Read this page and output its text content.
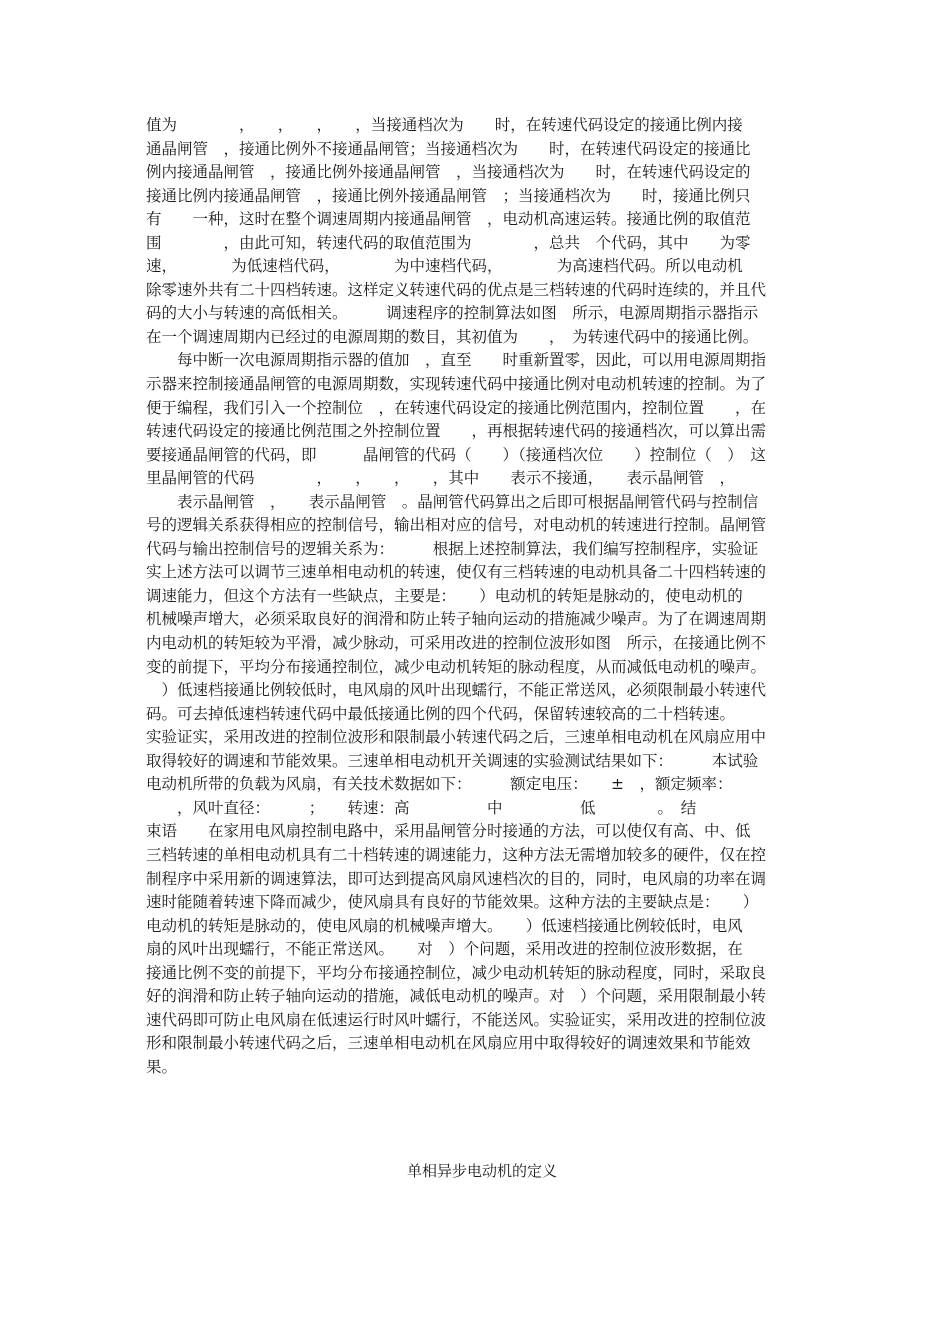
值为　　　　，　　，　　，　　，当接通档次为　　时，在转速代码设定的接通比例内接
通晶闸管　，接通比例外不接通晶闸管；当接通档次为　　时，在转速代码设定的接通比
例内接通晶闸管　，接通比例外接通晶闸管　，当接通档次为　　时，在转速代码设定的
接通比例内接通晶闸管　，接通比例外接通晶闸管　；当接通档次为　　时，接通比例只
有　　一种，这时在整个调速周期内接通晶闸管　，电动机高速运转。接通比例的取值范
围　　　　，由此可知，转速代码的取值范围为　　　　，总共　个代码，其中　　为零
速，　　　　为低速档代码，　　　　为中速档代码，　　　　为高速档代码。所以电动机
除零速外共有二十四档转速。这样定义转速代码的优点是三档转速的代码时连续的，并且代
码的大小与转速的高低相关。　　　调速程序的控制算法如图　所示，电源周期指示器指示
在一个调速周期内已经过的电源周期的数目，其初值为　　，　为转速代码中的接通比例。
　　每中断一次电源周期指示器的值加　，直至　　时重新置零，因此，可以用电源周期指
示器来控制接通晶闸管的电源周期数，实现转速代码中接通比例对电动机转速的控制。为了
便于编程，我们引入一个控制位　，在转速代码设定的接通比例范围内，控制位置　　，在
转速代码设定的接通比例范围之外控制位置　　，再根据转速代码的接通档次，可以算出需
要接通晶闸管的代码，即　　　晶闸管的代码（　　）（接通档次位　　）控制位（　）　这
里晶闸管的代码　　　　，　　，　　，　　，其中　　表示不接通，　　表示晶闸管　，
　　表示晶闸管　，　　表示晶闸管　。晶闸管代码算出之后即可根据晶闸管代码与控制信
号的逻辑关系获得相应的控制信号，输出相对应的信号，对电动机的转速进行控制。晶闸管
代码与输出控制信号的逻辑关系为：　　　根据上述控制算法，我们编写控制程序，实验证
实上述方法可以调节三速单相电动机的转速，使仅有三档转速的电动机具备二十四档转速的
调速能力，但这个方法有一些缺点，主要是：　　）电动机的转矩是脉动的，使电动机的
机械噪声增大，必须采取良好的润滑和防止转子轴向运动的措施减少噪声。为了在调速周期
内电动机的转矩较为平滑，减少脉动，可采用改进的控制位波形如图　所示，在接通比例不
变的前提下，平均分布接通控制位，减少电动机转矩的脉动程度，从而减低电动机的噪声。
　）低速档接通比例较低时，电风扇的风叶出现蠕行，不能正常送风，必须限制最小转速代
码。可去掉低速档转速代码中最低接通比例的四个代码，保留转速较高的二十档转速。
实验证实，采用改进的控制位波形和限制最小转速代码之后，三速单相电动机在风扇应用中
取得较好的调速和节能效果。三速单相电动机开关调速的实验测试结果如下：　　　本试验
电动机所带的负载为风扇，有关技术数据如下：　　　额定电压：　　±　，额定频率：
　　，风叶直径：　　　；　　转速：高　　　　　中　　　　　低　　　　。　结
束语　　在家用电风扇控制电路中，采用晶闸管分时接通的方法，可以使仅有高、中、低
三档转速的单相电动机具有二十档转速的调速能力，这种方法无需增加较多的硬件，仅在控
制程序中采用新的调速算法，即可达到提高风扇风速档次的目的，同时，电风扇的功率在调
速时能随着转速下降而减少，使风扇具有良好的节能效果。这种方法的主要缺点是：　　）
电动机的转矩是脉动的，使电风扇的机械噪声增大。　　）低速档接通比例较低时，电风
扇的风叶出现蠕行，不能正常送风。　　对　）个问题，采用改进的控制位波形数据，在
接通比例不变的前提下，平均分布接通控制位，减少电动机转矩的脉动程度，同时，采取良
好的润滑和防止转子轴向运动的措施，减低电动机的噪声。对　）个问题，采用限制最小转
速代码即可防止电风扇在低速运行时风叶蠕行，不能送风。实验证实，采用改进的控制位波
形和限制最小转速代码之后，三速单相电动机在风扇应用中取得较好的调速效果和节能效
果。
单相异步电动机的定义
